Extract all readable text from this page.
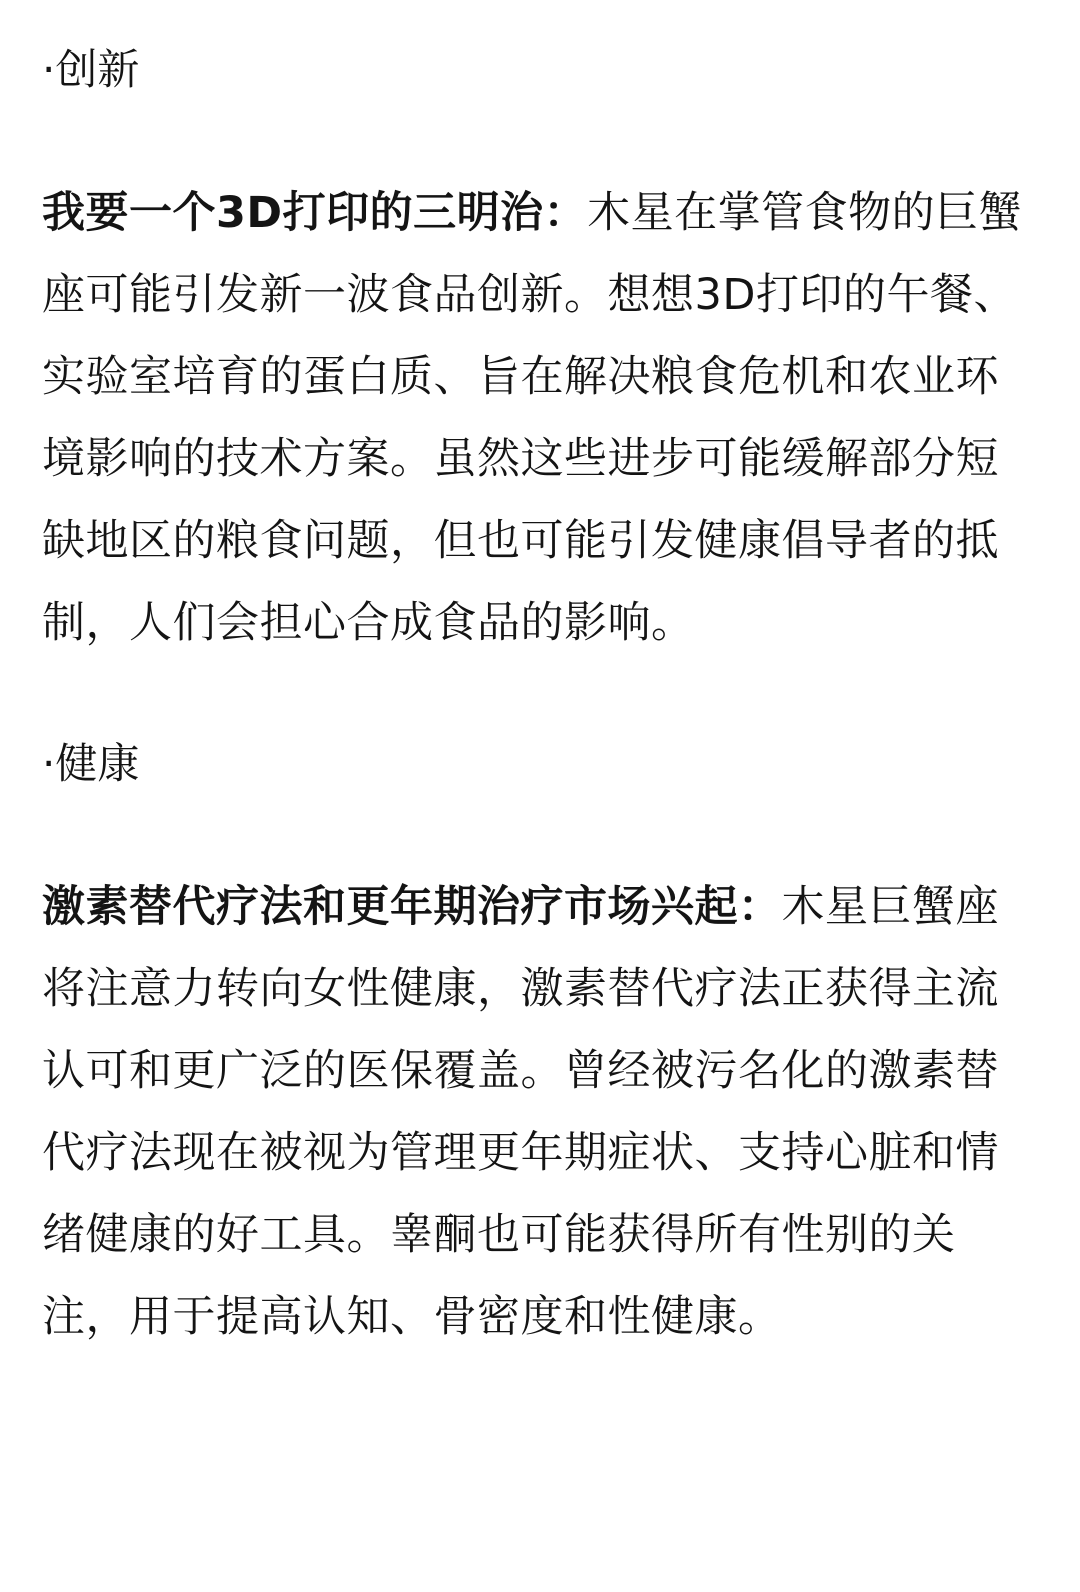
·创新

我要一个3D打印的三明治：木星在掌管食物的巨蟹座可能引发新一波食品创新。想想3D打印的午餐、实验室培育的蛋白质、旨在解决粮食危机和农业环境影响的技术方案。虽然这些进步可能缓解部分短缺地区的粮食问题，但也可能引发健康倡导者的抵制，人们会担心合成食品的影响。

·健康

激素替代疗法和更年期治疗市场兴起：木星巨蟹座将注意力转向女性健康，激素替代疗法正获得主流认可和更广泛的医保覆盖。曾经被污名化的激素替代疗法现在被视为管理更年期症状、支持心脏和情绪健康的好工具。睾酮也可能获得所有性别的关注，用于提高认知、骨密度和性健康。
